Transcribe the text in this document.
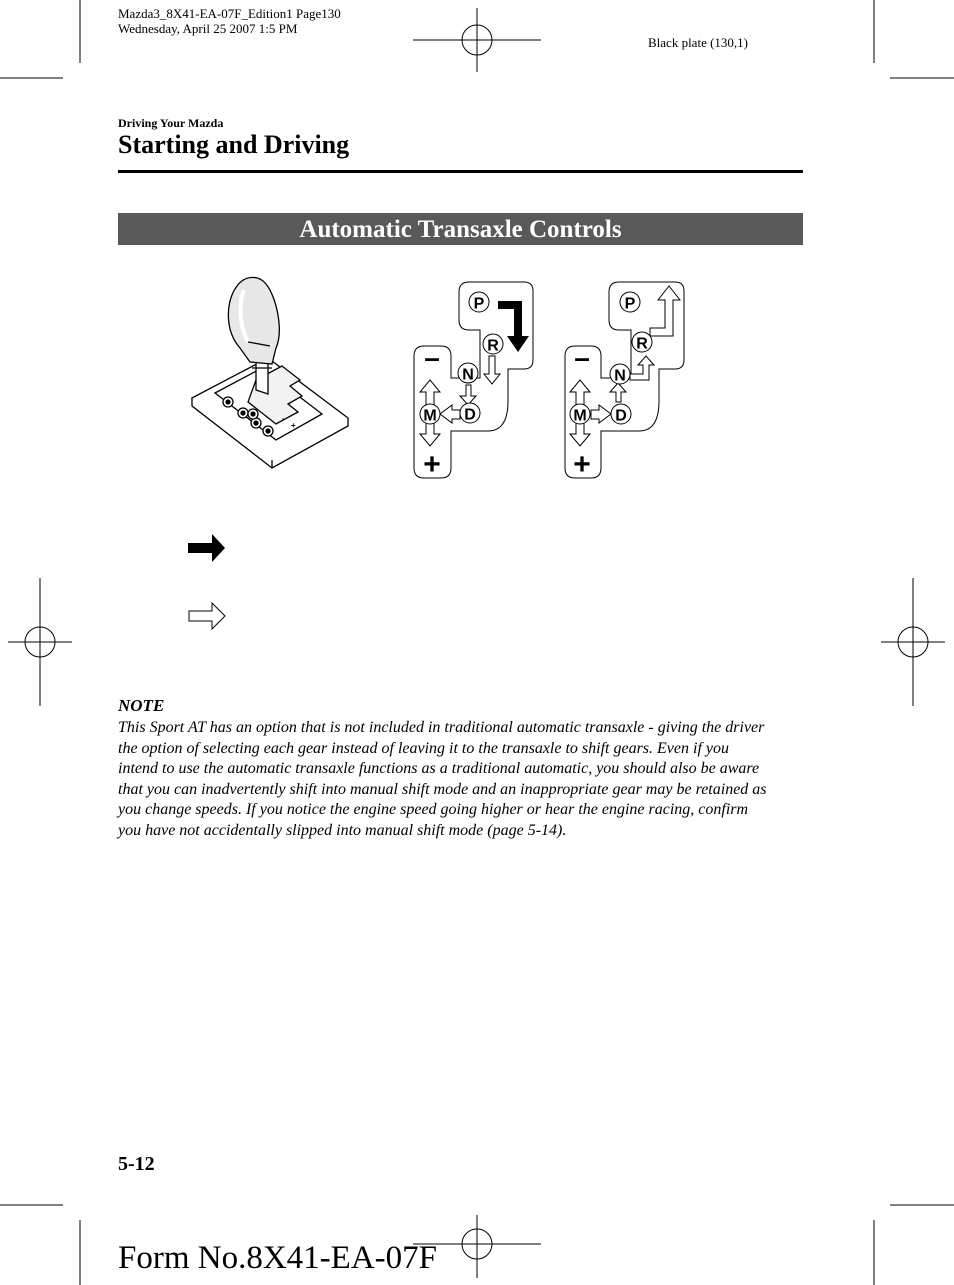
Mazda3_8X41-EA-07F_Edition1 Page130
Wednesday, April 25 2007 1:5 PM
Black plate (130,1)
Driving Your Mazda
Starting and Driving
Automatic Transaxle Controls
+
-
P
R
N
D
M
–
+
P
R
N
D
M
–
+
NOTE
This Sport AT has an option that is not included in traditional automatic transaxle - giving the driver
the option of selecting each gear instead of leaving it to the transaxle to shift gears. Even if you
intend to use the automatic transaxle functions as a traditional automatic, you should also be aware
that you can inadvertently shift into manual shift mode and an inappropriate gear may be retained as
you change speeds. If you notice the engine speed going higher or hear the engine racing, confirm
you have not accidentally slipped into manual shift mode (page 5-14).
5-12
Form No.8X41-EA-07F
